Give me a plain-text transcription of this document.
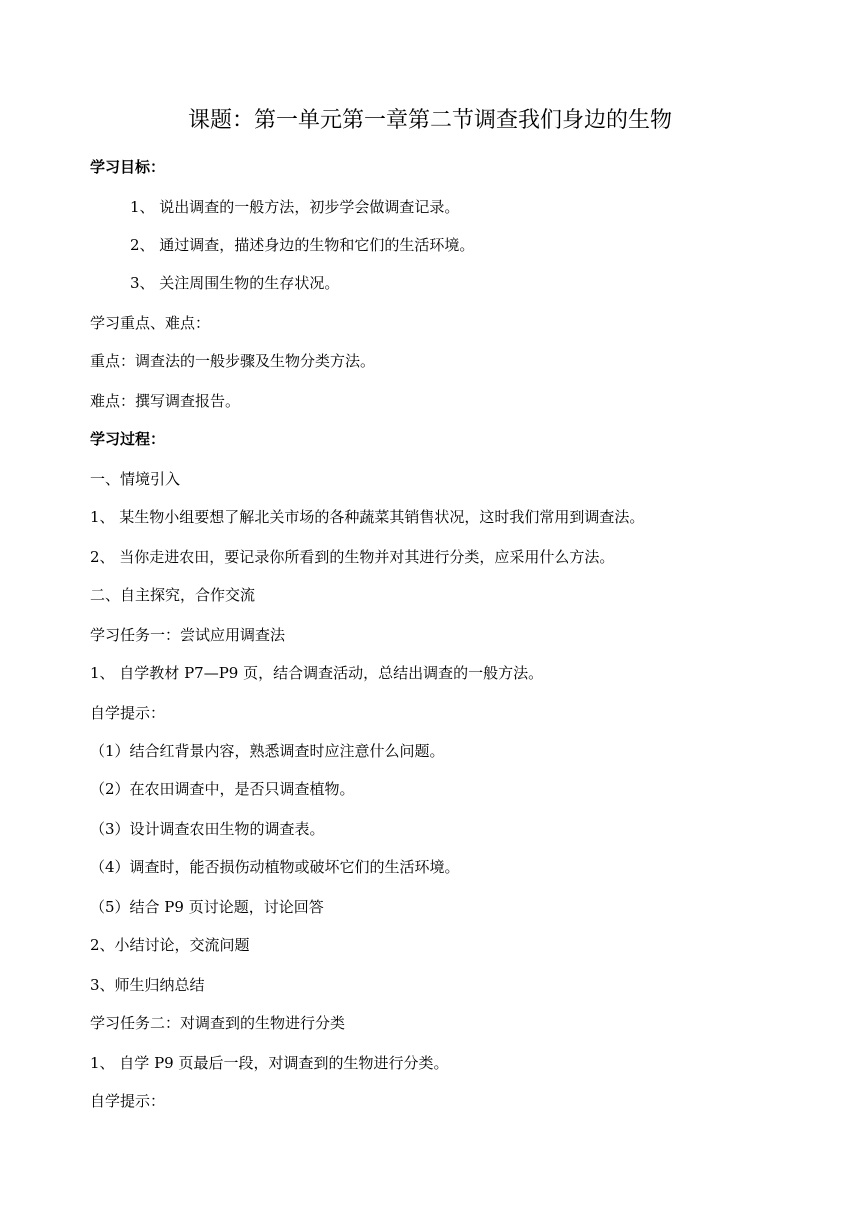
课题：第一单元第一章第二节调查我们身边的生物
学习目标：
1、 说出调查的一般方法，初步学会做调查记录。
2、 通过调查，描述身边的生物和它们的生活环境。
3、 关注周围生物的生存状况。
学习重点、难点：
重点：调查法的一般步骤及生物分类方法。
难点：撰写调查报告。
学习过程：
一、情境引入
1、 某生物小组要想了解北关市场的各种蔬菜其销售状况，这时我们常用到调查法。
2、 当你走进农田，要记录你所看到的生物并对其进行分类，应采用什么方法。
二、自主探究，合作交流
学习任务一：尝试应用调查法
1、 自学教材 P7—P9 页，结合调查活动，总结出调查的一般方法。
自学提示：
（1）结合红背景内容，熟悉调查时应注意什么问题。
（2）在农田调查中，是否只调查植物。
（3）设计调查农田生物的调查表。
（4）调查时，能否损伤动植物或破坏它们的生活环境。
（5）结合 P9 页讨论题，讨论回答
2、小结讨论，交流问题
3、师生归纳总结
学习任务二：对调查到的生物进行分类
1、 自学 P9 页最后一段，对调查到的生物进行分类。
自学提示：
